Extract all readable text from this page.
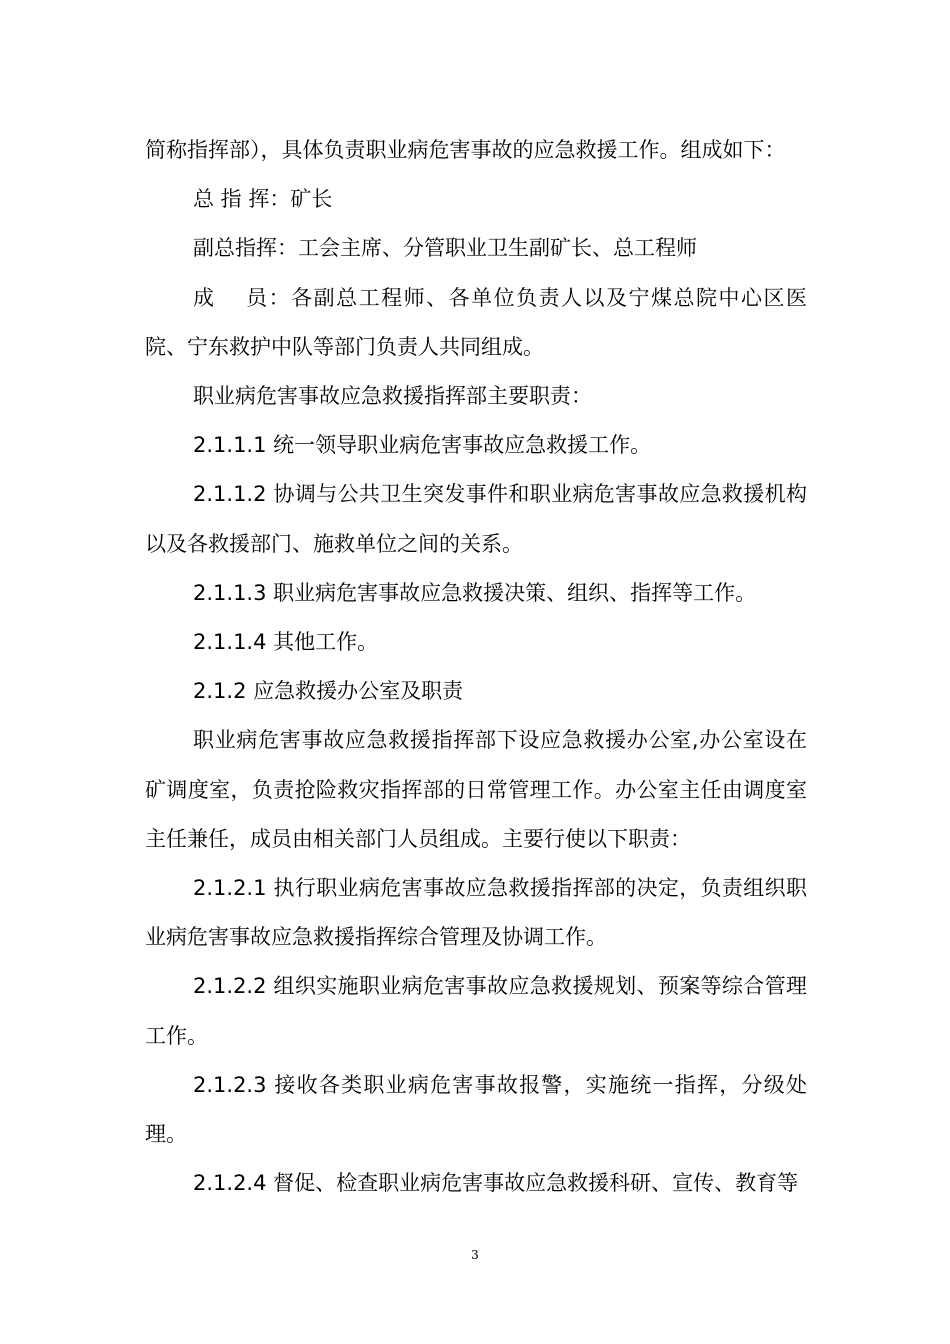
简称指挥部），具体负责职业病危害事故的应急救援工作。组成如下：

总 指 挥：矿长

副总指挥：工会主席、分管职业卫生副矿长、总工程师

成　 员：各副总工程师、各单位负责人以及宁煤总院中心区医院、宁东救护中队等部门负责人共同组成。

职业病危害事故应急救援指挥部主要职责：

2.1.1.1 统一领导职业病危害事故应急救援工作。

2.1.1.2 协调与公共卫生突发事件和职业病危害事故应急救援机构以及各救援部门、施救单位之间的关系。

2.1.1.3 职业病危害事故应急救援决策、组织、指挥等工作。

2.1.1.4 其他工作。

2.1.2 应急救援办公室及职责

职业病危害事故应急救援指挥部下设应急救援办公室,办公室设在矿调度室，负责抢险救灾指挥部的日常管理工作。办公室主任由调度室主任兼任，成员由相关部门人员组成。主要行使以下职责：

2.1.2.1 执行职业病危害事故应急救援指挥部的决定，负责组织职业病危害事故应急救援指挥综合管理及协调工作。

2.1.2.2 组织实施职业病危害事故应急救援规划、预案等综合管理工作。

2.1.2.3 接收各类职业病危害事故报警，实施统一指挥，分级处理。

2.1.2.4 督促、检查职业病危害事故应急救援科研、宣传、教育等

3
